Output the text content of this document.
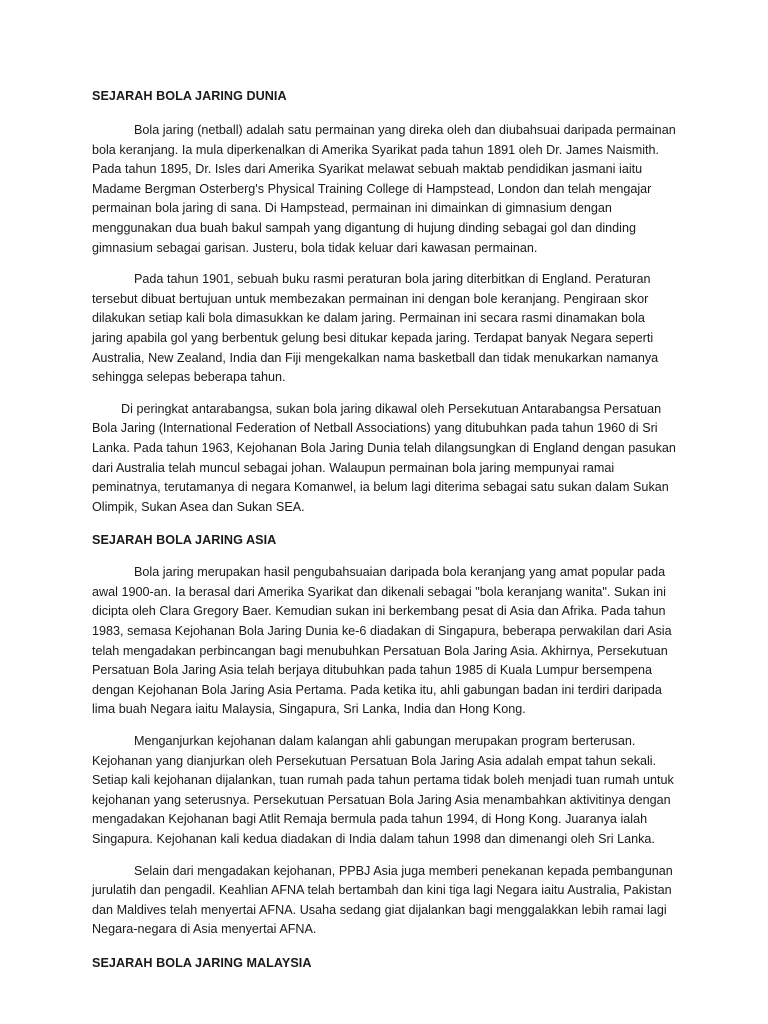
SEJARAH BOLA JARING DUNIA

Bola jaring (netball) adalah satu permainan yang direka oleh dan diubahsuai daripada permainan bola keranjang. Ia mula diperkenalkan di Amerika Syarikat pada tahun 1891 oleh Dr. James Naismith. Pada tahun 1895, Dr. Isles dari Amerika Syarikat melawat sebuah maktab pendidikan jasmani iaitu Madame Bergman Osterberg's Physical Training College di Hampstead, London dan telah mengajar permainan bola jaring di sana. Di Hampstead, permainan ini dimainkan di gimnasium dengan menggunakan dua buah bakul sampah yang digantung di hujung dinding sebagai gol dan dinding gimnasium sebagai garisan. Justeru, bola tidak keluar dari kawasan permainan.

Pada tahun 1901, sebuah buku rasmi peraturan bola jaring diterbitkan di England. Peraturan tersebut dibuat bertujuan untuk membezakan permainan ini dengan bole keranjang. Pengiraan skor dilakukan setiap kali bola dimasukkan ke dalam jaring. Permainan ini secara rasmi dinamakan bola jaring apabila gol yang berbentuk gelung besi ditukar kepada jaring. Terdapat banyak Negara seperti Australia, New Zealand, India dan Fiji mengekalkan nama basketball dan tidak menukarkan namanya sehingga selepas beberapa tahun.

Di peringkat antarabangsa, sukan bola jaring dikawal oleh Persekutuan Antarabangsa Persatuan Bola Jaring (International Federation of Netball Associations) yang ditubuhkan pada tahun 1960 di Sri Lanka. Pada tahun 1963, Kejohanan Bola Jaring Dunia telah dilangsungkan di England dengan pasukan dari Australia telah muncul sebagai johan. Walaupun permainan bola jaring mempunyai ramai peminatnya, terutamanya di negara Komanwel, ia belum lagi diterima sebagai satu sukan dalam Sukan Olimpik, Sukan Asea dan Sukan SEA.

SEJARAH BOLA JARING ASIA

Bola jaring merupakan hasil pengubahsuaian daripada bola keranjang yang amat popular pada awal 1900-an. Ia berasal dari Amerika Syarikat dan dikenali sebagai "bola keranjang wanita". Sukan ini dicipta oleh Clara Gregory Baer. Kemudian sukan ini berkembang pesat di Asia dan Afrika. Pada tahun 1983, semasa Kejohanan Bola Jaring Dunia ke-6 diadakan di Singapura, beberapa perwakilan dari Asia telah mengadakan perbincangan bagi menubuhkan Persatuan Bola Jaring Asia. Akhirnya, Persekutuan Persatuan Bola Jaring Asia telah berjaya ditubuhkan pada tahun 1985 di Kuala Lumpur bersempena dengan Kejohanan Bola Jaring Asia Pertama. Pada ketika itu, ahli gabungan badan ini terdiri daripada lima buah Negara iaitu Malaysia, Singapura, Sri Lanka, India dan Hong Kong.

Menganjurkan kejohanan dalam kalangan ahli gabungan merupakan program berterusan. Kejohanan yang dianjurkan oleh Persekutuan Persatuan Bola Jaring Asia adalah empat tahun sekali. Setiap kali kejohanan dijalankan, tuan rumah pada tahun pertama tidak boleh menjadi tuan rumah untuk kejohanan yang seterusnya. Persekutuan Persatuan Bola Jaring Asia menambahkan aktivitinya dengan mengadakan Kejohanan bagi Atlit Remaja bermula pada tahun 1994, di Hong Kong. Juaranya ialah Singapura. Kejohanan kali kedua diadakan di India dalam tahun 1998 dan dimenangi oleh Sri Lanka.

Selain dari mengadakan kejohanan, PPBJ Asia juga memberi penekanan kepada pembangunan jurulatih dan pengadil. Keahlian AFNA telah bertambah dan kini tiga lagi Negara iaitu Australia, Pakistan dan Maldives telah menyertai AFNA. Usaha sedang giat dijalankan bagi menggalakkan lebih ramai lagi Negara-negara di Asia menyertai AFNA.

SEJARAH BOLA JARING MALAYSIA
